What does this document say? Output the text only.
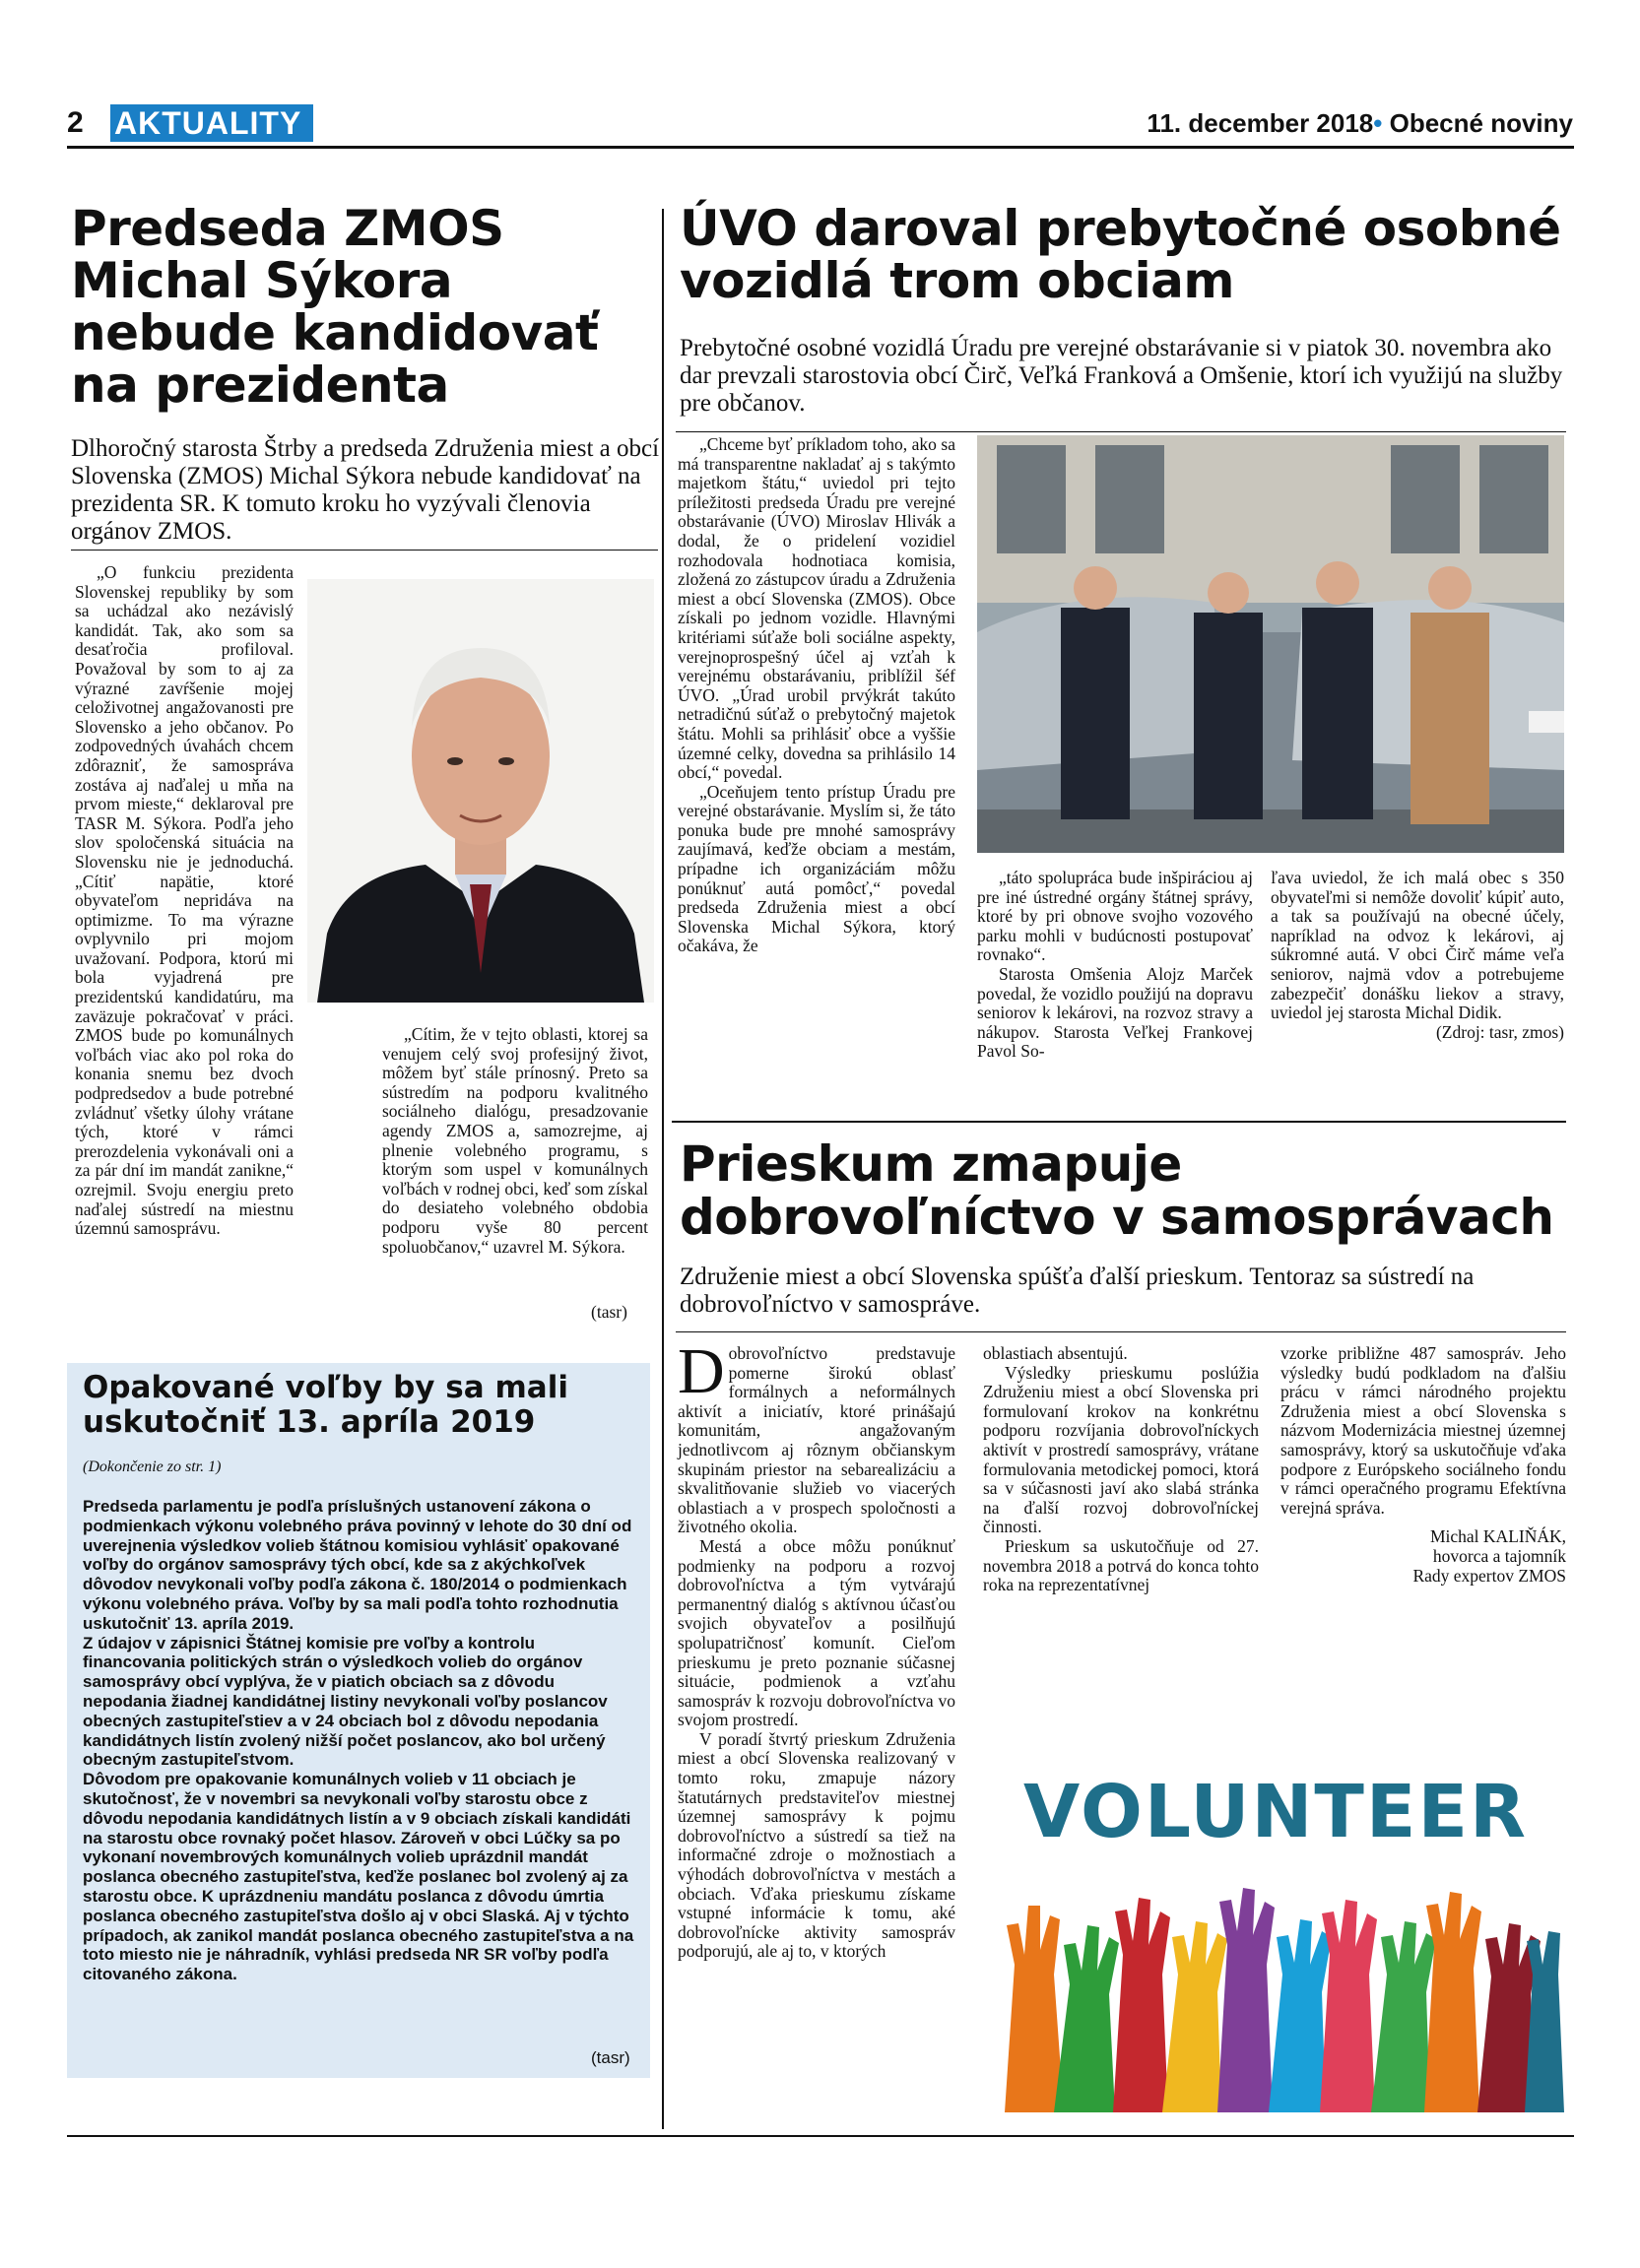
2 AKTUALITY	11. december 2018• Obecné noviny
Predseda ZMOS Michal Sýkora nebude kandidovať na prezidenta
Dlhoročný starosta Štrby a predseda Združenia miest a obcí Slovenska (ZMOS) Michal Sýkora nebude kandidovať na prezidenta SR. K tomuto kroku ho vyzývali členovia orgánov ZMOS.

„O funkciu prezidenta Slovenskej republiky by som sa uchádzal ako nezávislý kandidát. Tak, ako som sa desaťročia profiloval. Považoval by som to aj za výrazné zavŕšenie mojej celoživotnej angažovanosti pre Slovensko a jeho občanov. Po zodpovedných úvahách chcem zdôrazniť, že samospráva zostáva aj naďalej u mňa na prvom mieste,“ deklaroval pre TASR M. Sýkora. Podľa jeho slov spoločenská situácia na Slovensku nie je jednoduchá. „Cítiť napätie, ktoré obyvateľom nepridáva na optimizme. To ma výrazne ovplyvnilo pri mojom uvažovaní. Podpora, ktorú mi bola vyjadrená pre prezidentskú kandidatúru, ma zaväzuje pokračovať v práci. ZMOS bude po komunálnych voľbách viac ako pol roka do konania snemu bez dvoch podpredsedov a bude potrebné zvládnuť všetky úlohy vrátane tých, ktoré v rámci prerozdelenia vykonávali oni a za pár dní im mandát zanikne,“ ozrejmil. Svoju energiu preto naďalej sústredí na miestnu územnú samosprávu.

„Cítim, že v tejto oblasti, ktorej sa venujem celý svoj profesijný život, môžem byť stále prínosný. Preto sa sústredím na podporu kvalitného sociálneho dialógu, presadzovanie agendy ZMOS a, samozrejme, aj plnenie volebného programu, s ktorým som uspel v komunálnych voľbách v rodnej obci, keď som získal do desiateho volebného obdobia podporu vyše 80 percent spoluobčanov,“ uzavrel M. Sýkora.

(tasr)
Opakované voľby by sa mali uskutočniť 13. apríla 2019
(Dokončenie zo str. 1)

Predseda parlamentu je podľa príslušných ustanovení zákona o podmienkach výkonu volebného práva povinný v lehote do 30 dní od uverejnenia výsledkov volieb štátnou komisiou vyhlásiť opakované voľby do orgánov samosprávy tých obcí, kde sa z akýchkoľvek dôvodov nevykonali voľby podľa zákona č. 180/2014 o podmienkach výkonu volebného práva. Voľby by sa mali podľa tohto rozhodnutia uskutočniť 13. apríla 2019.

Z údajov v zápisnici Štátnej komisie pre voľby a kontrolu financovania politických strán o výsledkoch volieb do orgánov samosprávy obcí vyplýva, že v piatich obciach sa z dôvodu nepodania žiadnej kandidátnej listiny nevykonali voľby poslancov obecných zastupiteľstiev a v 24 obciach bol z dôvodu nepodania kandidátnych listín zvolený nižší počet poslancov, ako bol určený obecným zastupiteľstvom.

Dôvodom pre opakovanie komunálnych volieb v 11 obciach je skutočnosť, že v novembri sa nevykonali voľby starostu obce z dôvodu nepodania kandidátnych listín a v 9 obciach získali kandidáti na starostu obce rovnaký počet hlasov. Zároveň v obci Lúčky sa po vykonaní novembrových komunálnych volieb uprázdnil mandát poslanca obecného zastupiteľstva, keďže poslanec bol zvolený aj za starostu obce. K uprázdneniu mandátu poslanca z dôvodu úmrtia poslanca obecného zastupiteľstva došlo aj v obci Slaská. Aj v týchto prípadoch, ak zanikol mandát poslanca obecného zastupiteľstva a na toto miesto nie je náhradník, vyhlási predseda NR SR voľby podľa citovaného zákona.

(tasr)
ÚVO daroval prebytočné osobné vozidlá trom obciam
Prebytočné osobné vozidlá Úradu pre verejné obstarávanie si v piatok 30. novembra ako dar prevzali starostovia obcí Čirč, Veľká Franková a Omšenie, ktorí ich využijú na služby pre občanov.

„Chceme byť príkladom toho, ako sa má transparentne nakladať aj s takýmto majetkom štátu,“ uviedol pri tejto príležitosti predseda Úradu pre verejné obstarávanie (ÚVO) Miroslav Hlivák a dodal, že o pridelení vozidiel rozhodovala hodnotiaca komisia, zložená zo zástupcov úradu a Združenia miest a obcí Slovenska (ZMOS). Obce získali po jednom vozidle. Hlavnými kritériami súťaže boli sociálne aspekty, verejnoprospešný účel aj vzťah k verejnému obstarávaniu, priblížil šéf ÚVO. „Úrad urobil prvýkrát takúto netradičnú súťaž o prebytočný majetok štátu. Mohli sa prihlásiť obce a vyššie územné celky, dovedna sa prihlásilo 14 obcí,“ povedal.

„Oceňujem tento prístup Úradu pre verejné obstarávanie. Myslím si, že táto ponuka bude pre mnohé samosprávy zaujímavá, keďže obciam a mestám, prípadne ich organizáciám môžu ponúknuť autá pomôcť,“ povedal predseda Združenia miest a obcí Slovenska Michal Sýkora, ktorý očakáva, že

„táto spolupráca bude inšpiráciou aj pre iné ústredné orgány štátnej správy, ktoré by pri obnove svojho vozového parku mohli v budúcnosti postupovať rovnako“.

Starosta Omšenia Alojz Marček povedal, že vozidlo použijú na dopravu seniorov k lekárovi, na rozvoz stravy a nákupov. Starosta Veľkej Frankovej Pavol So-

ľava uviedol, že ich malá obec s 350 obyvateľmi si nemôže dovoliť kúpiť auto, a tak sa používajú na obecné účely, napríklad na odvoz k lekárovi, aj súkromné autá. V obci Čirč máme veľa seniorov, najmä vdov a potrebujeme zabezpečiť donášku liekov a stravy, uviedol jej starosta Michal Didik.

(Zdroj: tasr, zmos)

Prieskum zmapuje dobrovoľníctvo v samosprávach
Združenie miest a obcí Slovenska spúšťa ďalší prieskum. Tentoraz sa sústredí na dobrovoľníctvo v samospráve.

Dobrovoľníctvo predstavuje pomerne širokú oblasť formálnych a neformálnych aktivít a iniciatív, ktoré prinášajú komunitám, angažovaným jednotlivcom aj rôznym občianskym skupinám priestor na sebarealizáciu a skvalitňovanie služieb vo viacerých oblastiach a v prospech spoločnosti a životného okolia.

Mestá a obce môžu ponúknuť podmienky na podporu a rozvoj dobrovoľníctva a tým vytvárajú permanentný dialóg s aktívnou účasťou svojich obyvateľov a posilňujú spolupatričnosť komunít. Cieľom prieskumu je preto poznanie súčasnej situácie, podmienok a vzťahu samospráv k rozvoju dobrovoľníctva vo svojom prostredí.

V poradí štvrtý prieskum Združenia miest a obcí Slovenska realizovaný v tomto roku, zmapuje názory štatutárnych predstaviteľov miestnej územnej samosprávy k pojmu dobrovoľníctvo a sústredí sa tiež na informačné zdroje o možnostiach a výhodách dobrovoľníctva v mestách a obciach. Vďaka prieskumu získame vstupné informácie k tomu, aké dobrovoľnícke aktivity samospráv podporujú, ale aj to, v ktorých

oblastiach absentujú.

Výsledky prieskumu poslúžia Združeniu miest a obcí Slovenska pri formulovaní krokov na konkrétnu podporu rozvíjania dobrovoľníckych aktivít v prostredí samosprávy, vrátane formulovania metodickej pomoci, ktorá sa v súčasnosti javí ako slabá stránka na ďalší rozvoj dobrovoľníckej činnosti.

Prieskum sa uskutočňuje od 27. novembra 2018 a potrvá do konca tohto roka na reprezentatívnej

vzorke približne 487 samospráv. Jeho výsledky budú podkladom na ďalšiu prácu v rámci národného projektu Združenia miest a obcí Slovenska s názvom Modernizácia miestnej územnej samosprávy, ktorý sa uskutočňuje vďaka podpore z Európskeho sociálneho fondu v rámci operačného programu Efektívna verejná správa.

Michal KALIŇÁK,
hovorca a tajomník
Rady expertov ZMOS
VOLUNTEER
